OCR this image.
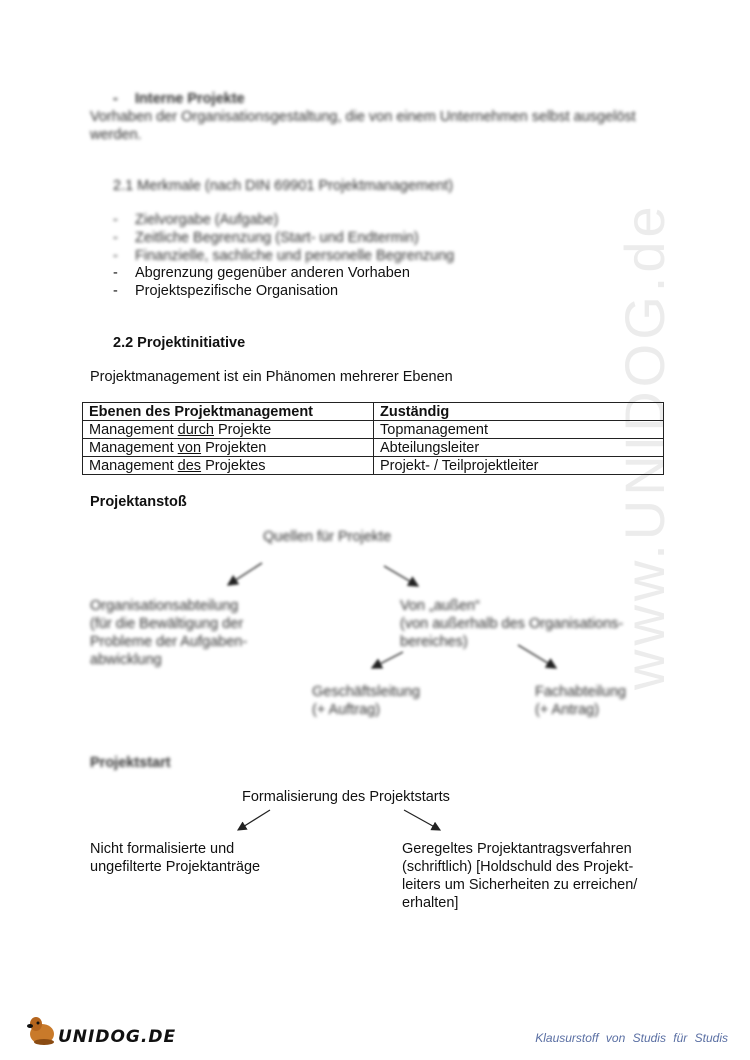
www.UNIDOG.de
- Interne Projekte
Vorhaben der Organisationsgestaltung, die von einem Unternehmen selbst ausgelöst
werden.
2.1 Merkmale (nach DIN 69901 Projektmanagement)
- Zielvorgabe (Aufgabe)
- Zeitliche Begrenzung (Start- und Endtermin)
- Finanzielle, sachliche und personelle Begrenzung
- Abgrenzung gegenüber anderen Vorhaben
- Projektspezifische Organisation
2.2 Projektinitiative
Projektmanagement ist ein Phänomen mehrerer Ebenen
Ebenen des Projektmanagement	Zuständig
Management durch Projekte	Topmanagement
Management von Projekten	Abteilungsleiter
Management des Projektes	Projekt- / Teilprojektleiter
Projektanstoß
Quellen für Projekte
Organisationsabteilung
(für die Bewältigung der
Probleme der Aufgaben-
abwicklung
Von „außen“
(von außerhalb des Organisations-
bereiches)
Geschäftsleitung
(+ Auftrag)
Fachabteilung
(+ Antrag)
Projektstart
Formalisierung des Projektstarts
Nicht formalisierte und
ungefilterte Projektanträge
Geregeltes Projektantragsverfahren
(schriftlich) [Holdschuld des Projekt-
leiters um Sicherheiten zu erreichen/
erhalten]
UNIDOG.DE	Klausurstoff von Studis für Studis
